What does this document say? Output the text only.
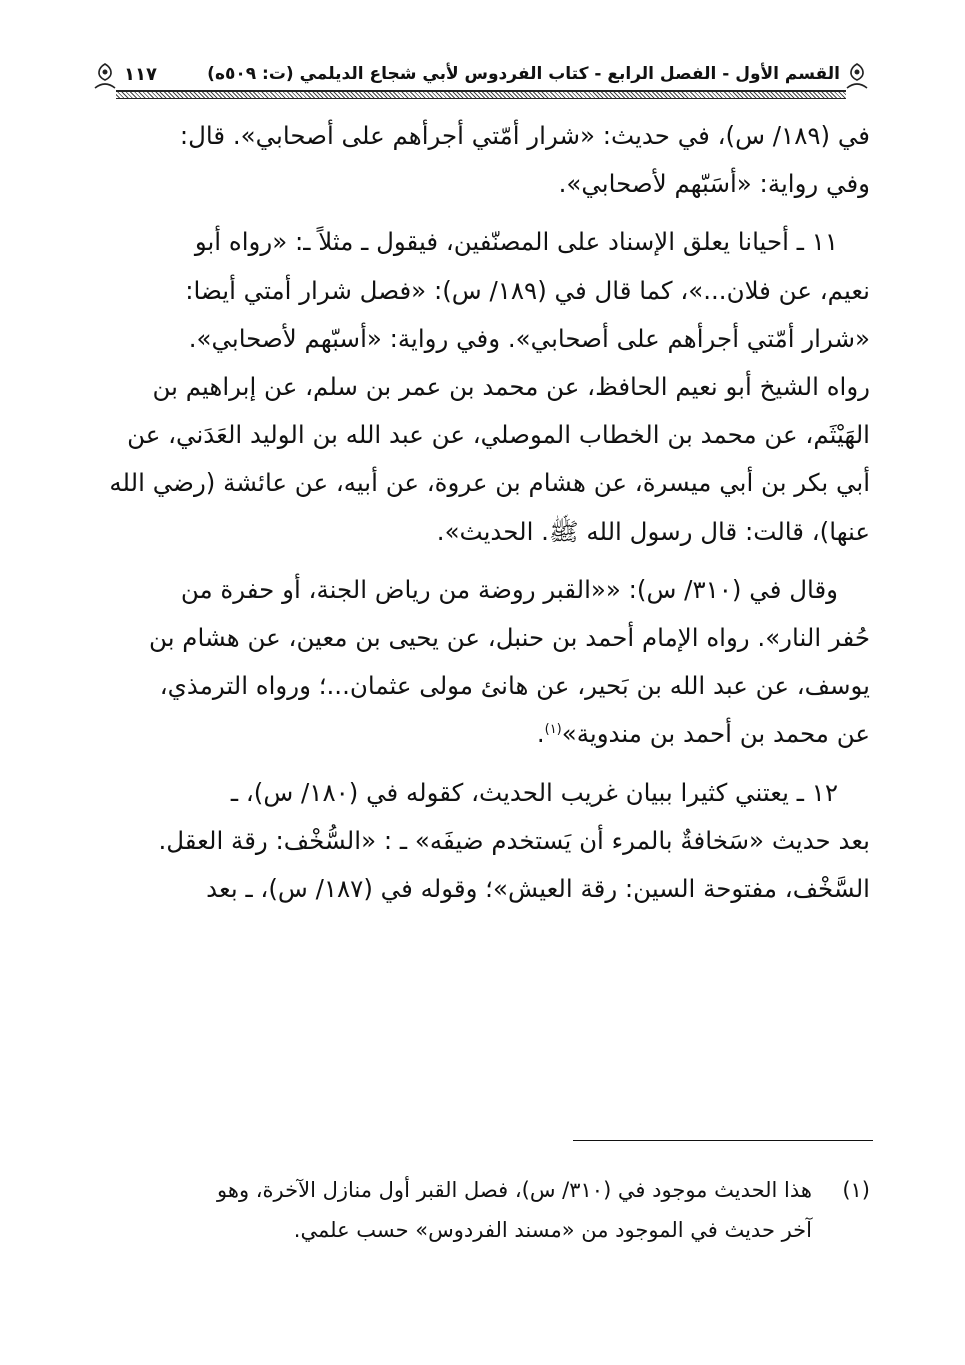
القسم الأول - الفصل الرابع - كتاب الفردوس لأبي شجاع الديلمي (ت: ٥٠٩ه)
١١٧

في (١٨٩/ س)، في حديث: «شرار أمّتي أجرأهم على أصحابي». قال:
وفي رواية: «أسَبّهم لأصحابي».

١١ ـ أحيانا يعلق الإسناد على المصنّفين، فيقول ـ مثلاً ـ: «رواه أبو
نعيم، عن فلان...»، كما قال في (١٨٩/ س): «فصل شرار أمتي أيضا:
«شرار أمّتي أجرأهم على أصحابي». وفي رواية: «أسبّهم لأصحابي».
رواه الشيخ أبو نعيم الحافظ، عن محمد بن عمر بن سلم، عن إبراهيم بن
الهَيْثَم، عن محمد بن الخطاب الموصلي، عن عبد الله بن الوليد العَدَني، عن
أبي بكر بن أبي ميسرة، عن هشام بن عروة، عن أبيه، عن عائشة (رضي الله
عنها)، قالت: قال رسول الله ﷺ. الحديث».

وقال في (٣١٠/ س): ««القبر روضة من رياض الجنة، أو حفرة من
حُفر النار». رواه الإمام أحمد بن حنبل، عن يحيى بن معين، عن هشام بن
يوسف، عن عبد الله بن بَحير، عن هانئ مولى عثمان...؛ ورواه الترمذي،
عن محمد بن أحمد بن مندوية»$^{(١)}$.

١٢ ـ يعتني كثيرا ببيان غريب الحديث، كقوله في (١٨٠/ س)، ـ
بعد حديث «سَخافةٌ بالمرء أن يَستخدم ضيفَه» ـ : «السُّخْف: رقة العقل.
السَّخْف، مفتوحة السين: رقة العيش»؛ وقوله في (١٨٧/ س)، ـ بعد

(١)
هذا الحديث موجود في (٣١٠/ س)، فصل القبر أول منازل الآخرة، وهو
آخر حديث في الموجود من «مسند الفردوس» حسب علمي.
